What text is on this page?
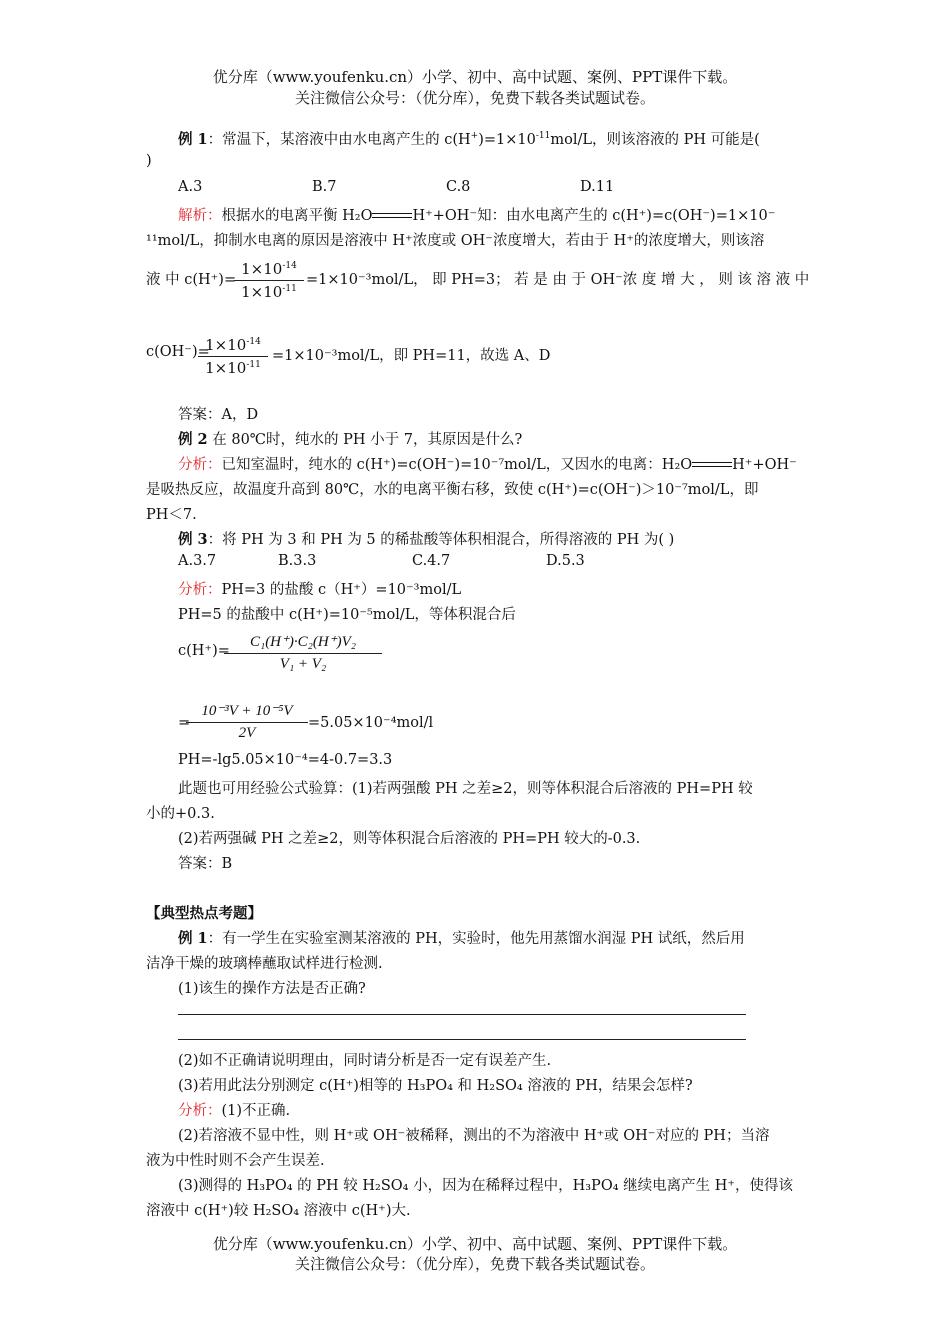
优分库（www.youfenku.cn）小学、初中、高中试题、案例、PPT课件下载。
关注微信公众号：（优分库），免费下载各类试题试卷。
例 1：常温下，某溶液中由水电离产生的 $c(H^+)=1\times 10^{-11}mol/L$，则该溶液的 PH 可能是(
)
A.3	B.7	C.8	D.11
解析：根据水的电离平衡 H₂O	H⁺+OH⁻知：由水电离产生的 c(H⁺)=c(OH⁻)=1×10⁻
¹¹mol/L，抑制水电离的原因是溶液中 H⁺浓度或 OH⁻浓度增大，若由于 H⁺的浓度增大，则该溶
液 中 c(H⁺)=
$1\times 10^{-14}$
$1\times 10^{-11}$
=1×10⁻³mol/L， 即 PH=3； 若 是 由 于 OH⁻浓 度 增 大 ， 则 该 溶 液 中
c(OH⁻)=
$1\times 10^{-14}$
$1\times 10^{-11}$
=1×10⁻³mol/L，即 PH=11，故选 A、D
答案：A，D
例 2 在 80℃时，纯水的 PH 小于 7，其原因是什么?
分析：已知室温时，纯水的 c(H⁺)=c(OH⁻)=10⁻⁷mol/L，又因水的电离：H₂O	H⁺+OH⁻
是吸热反应，故温度升高到 80℃，水的电离平衡右移，致使 c(H⁺)=c(OH⁻)＞10⁻⁷mol/L，即
PH＜7.
例 3：将 PH 为 3 和 PH 为 5 的稀盐酸等体积相混合，所得溶液的 PH 为( )
A.3.7	B.3.3	C.4.7	D.5.3
分析：PH=3 的盐酸 c（H⁺）=10⁻³mol/L
PH=5 的盐酸中 c(H⁺)=10⁻⁵mol/L，等体积混合后
c(H⁺)=
C₁(H⁺)·C₂(H⁺)V₂
V₁ + V₂
=
10⁻³V + 10⁻⁵V
2V
=5.05×10⁻⁴mol/l
PH=-lg5.05×10⁻⁴=4-0.7=3.3
此题也可用经验公式验算：(1)若两强酸 PH 之差≥2，则等体积混合后溶液的 PH=PH 较
小的+0.3.
(2)若两强碱 PH 之差≥2，则等体积混合后溶液的 PH=PH 较大的-0.3.
答案：B
【典型热点考题】
例 1：有一学生在实验室测某溶液的 PH，实验时，他先用蒸馏水润湿 PH 试纸，然后用
洁净干燥的玻璃棒蘸取试样进行检测.
(1)该生的操作方法是否正确?
(2)如不正确请说明理由，同时请分析是否一定有误差产生.
(3)若用此法分别测定 c(H⁺)相等的 H₃PO₄ 和 H₂SO₄ 溶液的 PH，结果会怎样?
分析：(1)不正确.
(2)若溶液不显中性，则 H⁺或 OH⁻被稀释，测出的不为溶液中 H⁺或 OH⁻对应的 PH；当溶
液为中性时则不会产生误差.
(3)测得的 H₃PO₄ 的 PH 较 H₂SO₄ 小，因为在稀释过程中，H₃PO₄ 继续电离产生 H⁺，使得该
溶液中 c(H⁺)较 H₂SO₄ 溶液中 c(H⁺)大.
优分库（www.youfenku.cn）小学、初中、高中试题、案例、PPT课件下载。
关注微信公众号：（优分库），免费下载各类试题试卷。
